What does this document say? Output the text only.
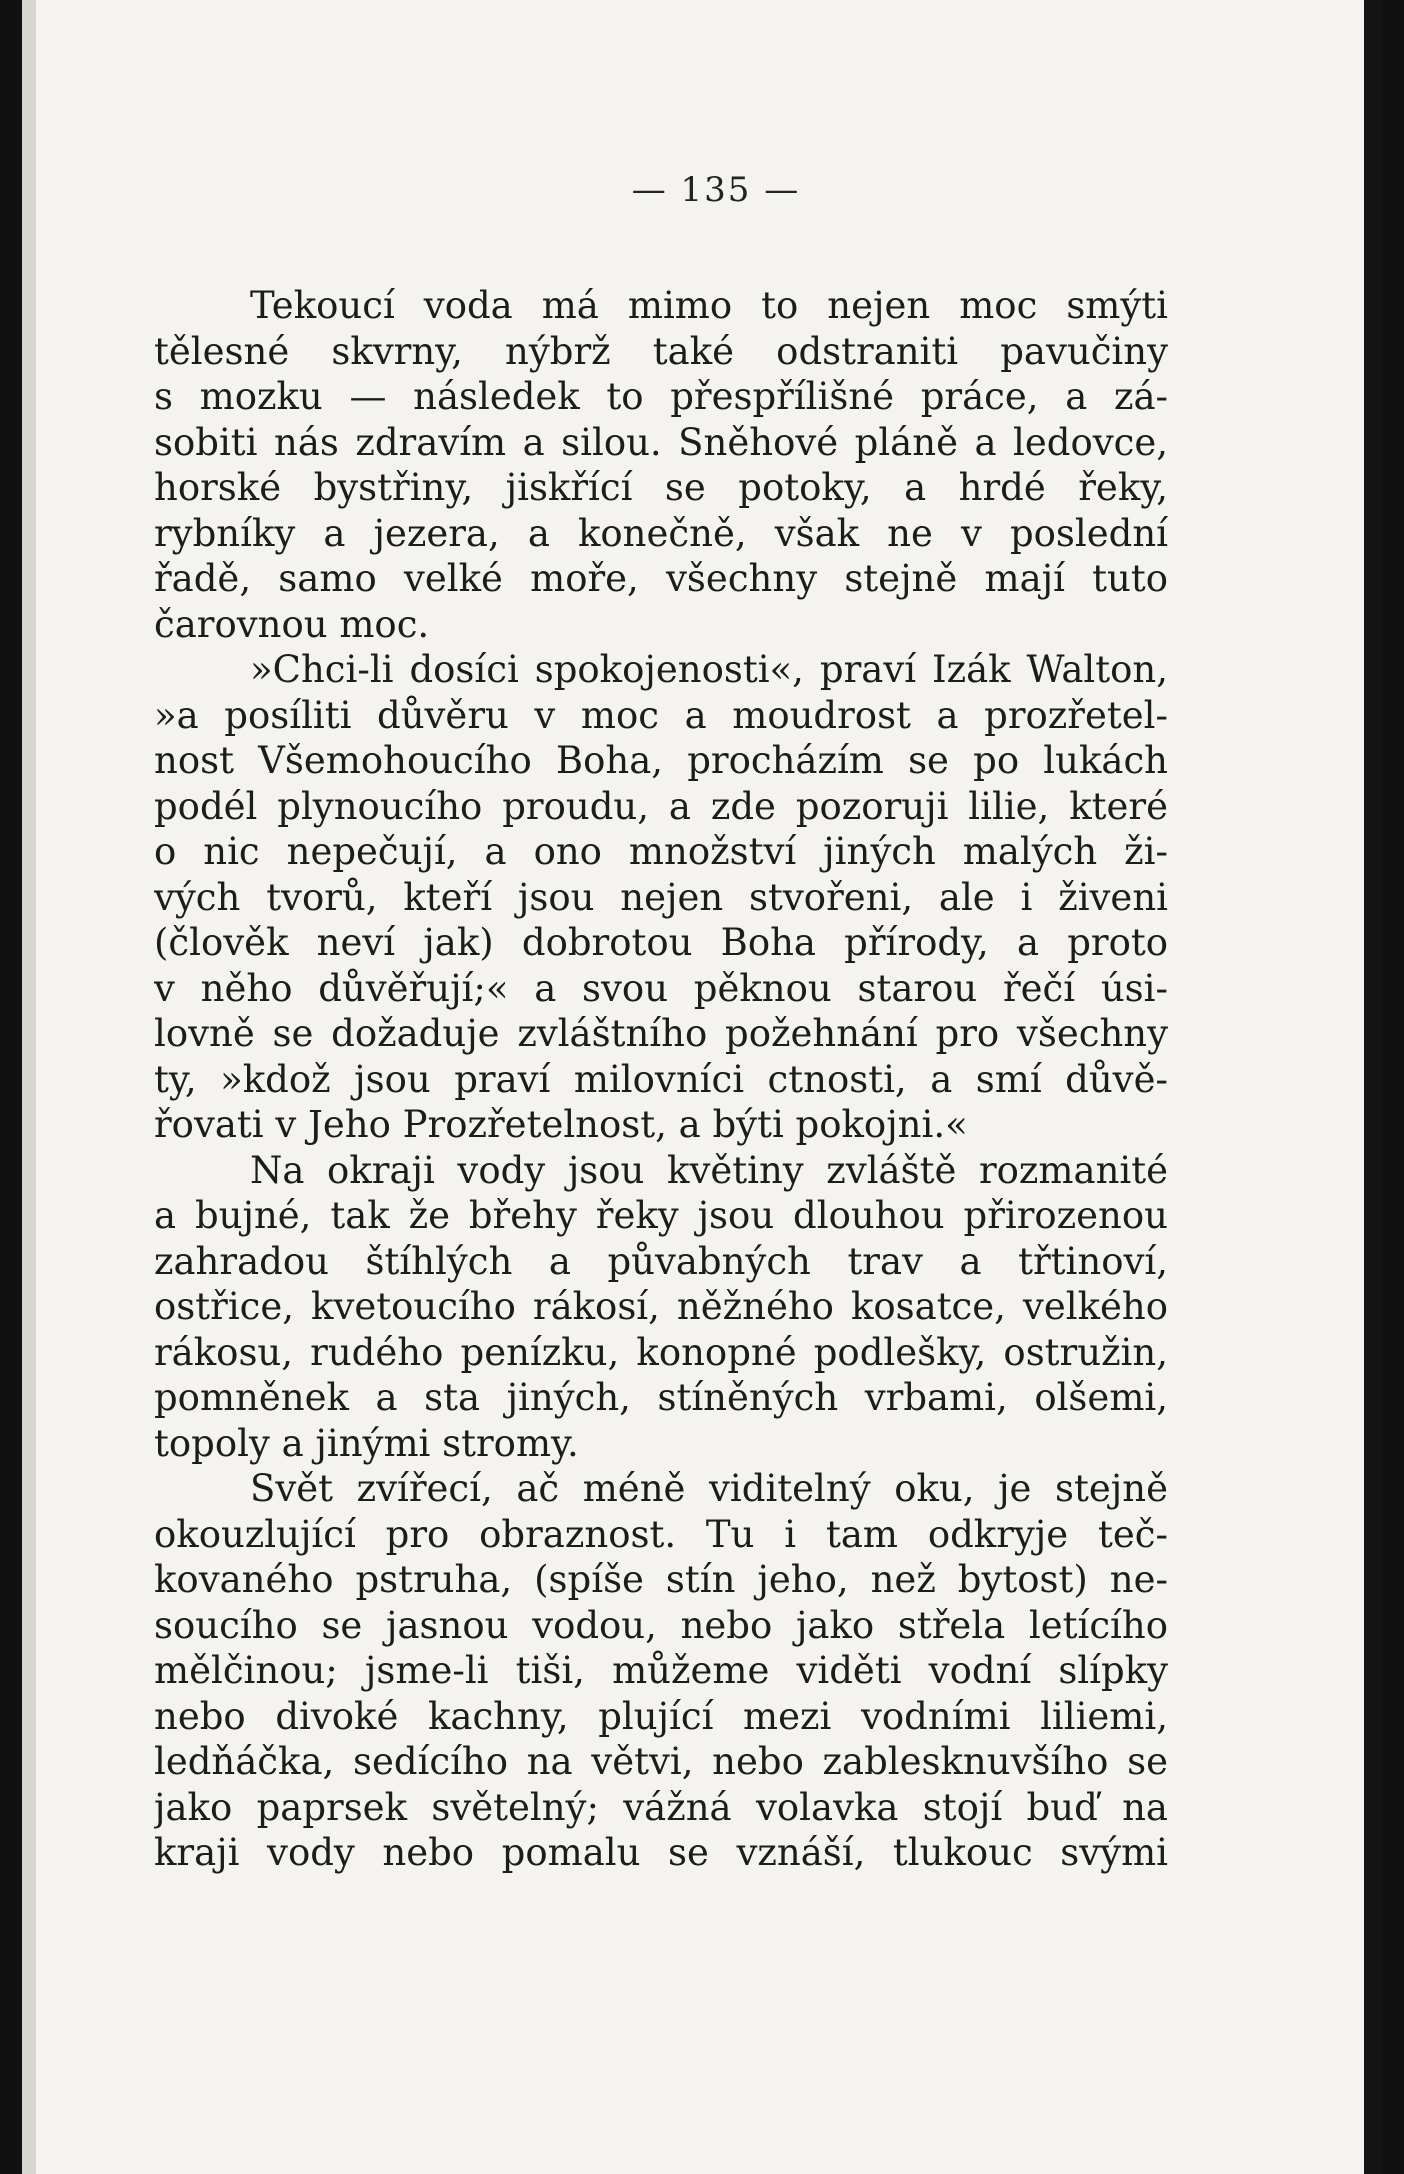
— 135 —
Tekoucí voda má mimo to nejen moc smýti
tělesné skvrny, nýbrž také odstraniti pavučiny
s mozku — následek to přespřílišné práce, a zá-
sobiti nás zdravím a silou. Sněhové pláně a ledovce,
horské bystřiny, jiskřící se potoky, a hrdé řeky,
rybníky a jezera, a konečně, však ne v poslední
řadě, samo velké moře, všechny stejně mají tuto
čarovnou moc.
»Chci-li dosíci spokojenosti«, praví Izák Walton,
»a posíliti důvěru v moc a moudrost a prozřetel-
nost Všemohoucího Boha, procházím se po lukách
podél plynoucího proudu, a zde pozoruji lilie, které
o nic nepečují, a ono množství jiných malých ži-
vých tvorů, kteří jsou nejen stvořeni, ale i živeni
(člověk neví jak) dobrotou Boha přírody, a proto
v něho důvěřují;« a svou pěknou starou řečí úsi-
lovně se dožaduje zvláštního požehnání pro všechny
ty, »kdož jsou praví milovníci ctnosti, a smí důvě-
řovati v Jeho Prozřetelnost, a býti pokojni.«
Na okraji vody jsou květiny zvláště rozmanité
a bujné, tak že břehy řeky jsou dlouhou přirozenou
zahradou štíhlých a půvabných trav a třtinoví,
ostřice, kvetoucího rákosí, něžného kosatce, velkého
rákosu, rudého penízku, konopné podlešky, ostružin,
pomněnek a sta jiných, stíněných vrbami, olšemi,
topoly a jinými stromy.
Svět zvířecí, ač méně viditelný oku, je stejně
okouzlující pro obraznost. Tu i tam odkryje teč-
kovaného pstruha, (spíše stín jeho, než bytost) ne-
soucího se jasnou vodou, nebo jako střela letícího
mělčinou; jsme-li tiši, můžeme viděti vodní slípky
nebo divoké kachny, plující mezi vodními liliemi,
ledňáčka, sedícího na větvi, nebo zablesknuvšího se
jako paprsek světelný; vážná volavka stojí buď na
kraji vody nebo pomalu se vznáší, tlukouc svými
